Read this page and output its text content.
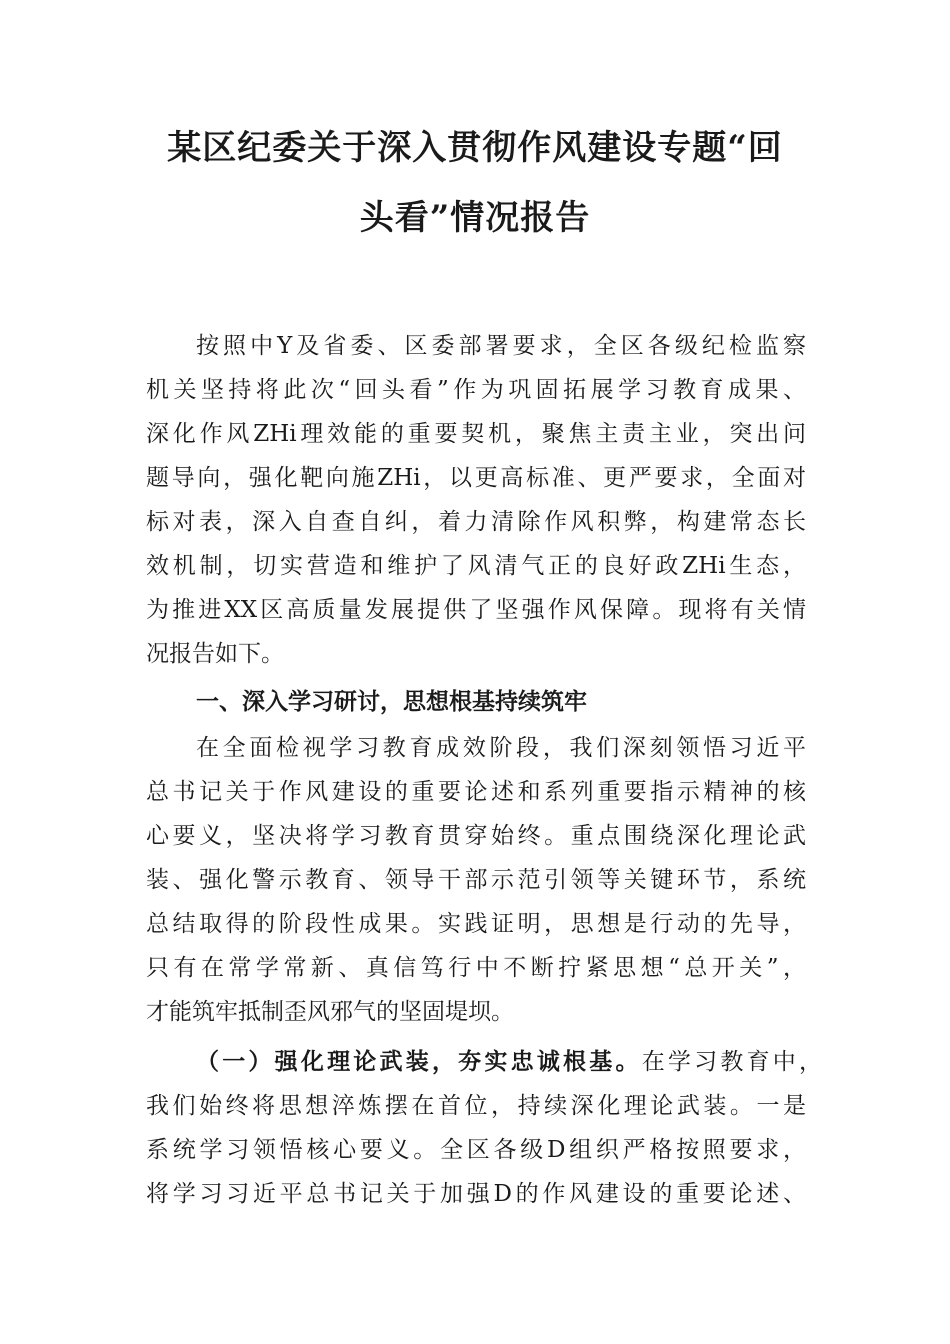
某区纪委关于深入贯彻作风建设专题“回
头看”情况报告

按照中Y及省委、区委部署要求，全区各级纪检监察

机关坚持将此次“回头看”作为巩固拓展学习教育成果、

深化作风ZHi理效能的重要契机，聚焦主责主业，突出问

题导向，强化靶向施ZHi，以更高标准、更严要求，全面对

标对表，深入自查自纠，着力清除作风积弊，构建常态长

效机制，切实营造和维护了风清气正的良好政ZHi生态，

为推进XX区高质量发展提供了坚强作风保障。现将有关情

况报告如下。

一、深入学习研讨，思想根基持续筑牢

在全面检视学习教育成效阶段，我们深刻领悟习近平

总书记关于作风建设的重要论述和系列重要指示精神的核

心要义，坚决将学习教育贯穿始终。重点围绕深化理论武

装、强化警示教育、领导干部示范引领等关键环节，系统

总结取得的阶段性成果。实践证明，思想是行动的先导，

只有在常学常新、真信笃行中不断拧紧思想“总开关”，

才能筑牢抵制歪风邪气的坚固堤坝。

（一）强化理论武装，夯实忠诚根基。在学习教育中，

我们始终将思想淬炼摆在首位，持续深化理论武装。一是

系统学习领悟核心要义。全区各级D组织严格按照要求，

将学习习近平总书记关于加强D的作风建设的重要论述、
